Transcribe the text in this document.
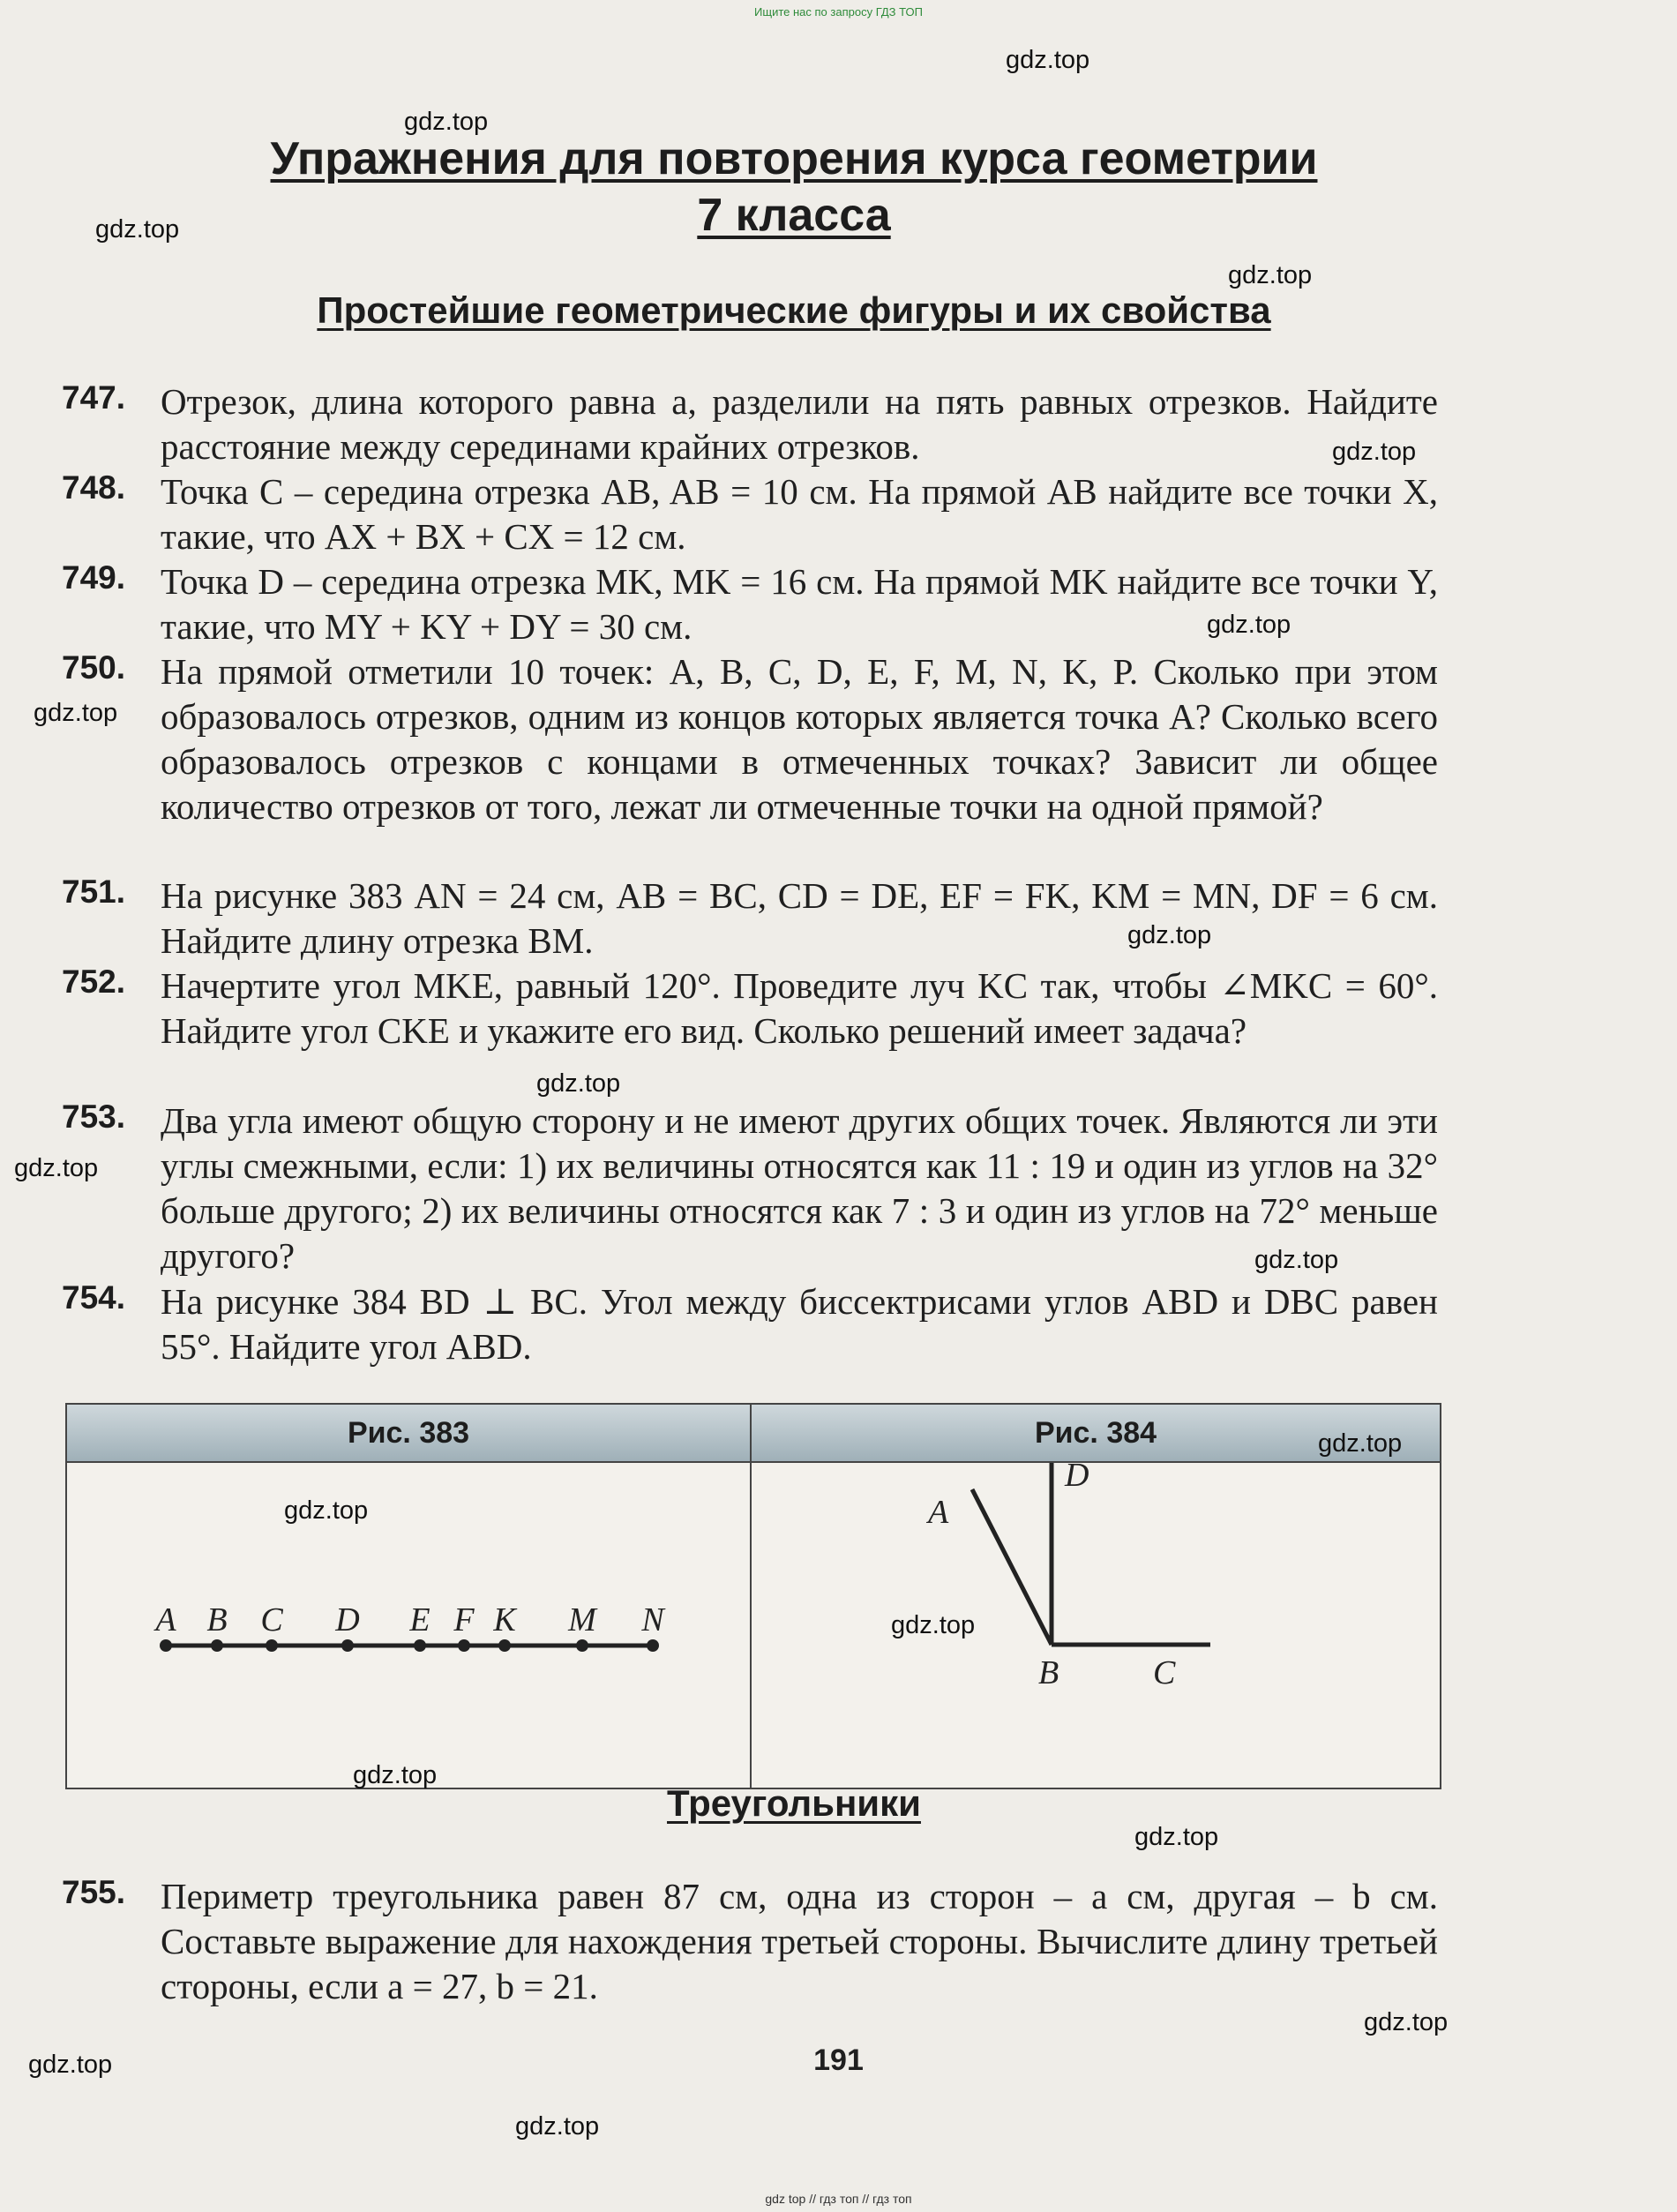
Ищите нас по запросу ГДЗ ТОП
Упражнения для повторения курса геометрии
7 класса
Простейшие геометрические фигуры и их свойства
747. Отрезок, длина которого равна a, разделили на пять равных отрезков. Найдите расстояние между серединами крайних отрезков.
748. Точка C – середина отрезка AB, AB = 10 см. На прямой AB найдите все точки X, такие, что AX + BX + CX = 12 см.
749. Точка D – середина отрезка MK, MK = 16 см. На прямой MK найдите все точки Y, такие, что MY + KY + DY = 30 см.
750. На прямой отметили 10 точек: A, B, C, D, E, F, M, N, K, P. Сколько при этом образовалось отрезков, одним из концов которых является точка A? Сколько всего образовалось отрезков с концами в отмеченных точках? Зависит ли общее количество отрезков от того, лежат ли отмеченные точки на одной прямой?
751. На рисунке 383 AN = 24 см, AB = BC, CD = DE, EF = FK, KM = MN, DF = 6 см. Найдите длину отрезка BM.
752. Начертите угол MKE, равный 120°. Проведите луч KC так, чтобы ∠MKC = 60°. Найдите угол CKE и укажите его вид. Сколько решений имеет задача?
753. Два угла имеют общую сторону и не имеют других общих точек. Являются ли эти углы смежными, если: 1) их величины относятся как 11 : 19 и один из углов на 32° больше другого; 2) их величины относятся как 7 : 3 и один из углов на 72° меньше другого?
754. На рисунке 384 BD ⊥ BC. Угол между биссектрисами углов ABD и DBC равен 55°. Найдите угол ABD.
Рис. 383	Рис. 384
A B C D E F K M N
A
D
B	C
Треугольники
755. Периметр треугольника равен 87 см, одна из сторон – a см, другая – b см. Составьте выражение для нахождения третьей стороны. Вычислите длину третьей стороны, если a = 27, b = 21.
191
gdz.top
gdz.top
gdz.top
gdz.top
gdz.top
gdz.top
gdz.top
gdz.top
gdz.top
gdz.top
gdz.top
gdz.top
gdz.top
gdz.top
gdz.top
gdz.top
gdz.top
gdz.top
gdz.top
gdz top // гдз топ // гдз топ
